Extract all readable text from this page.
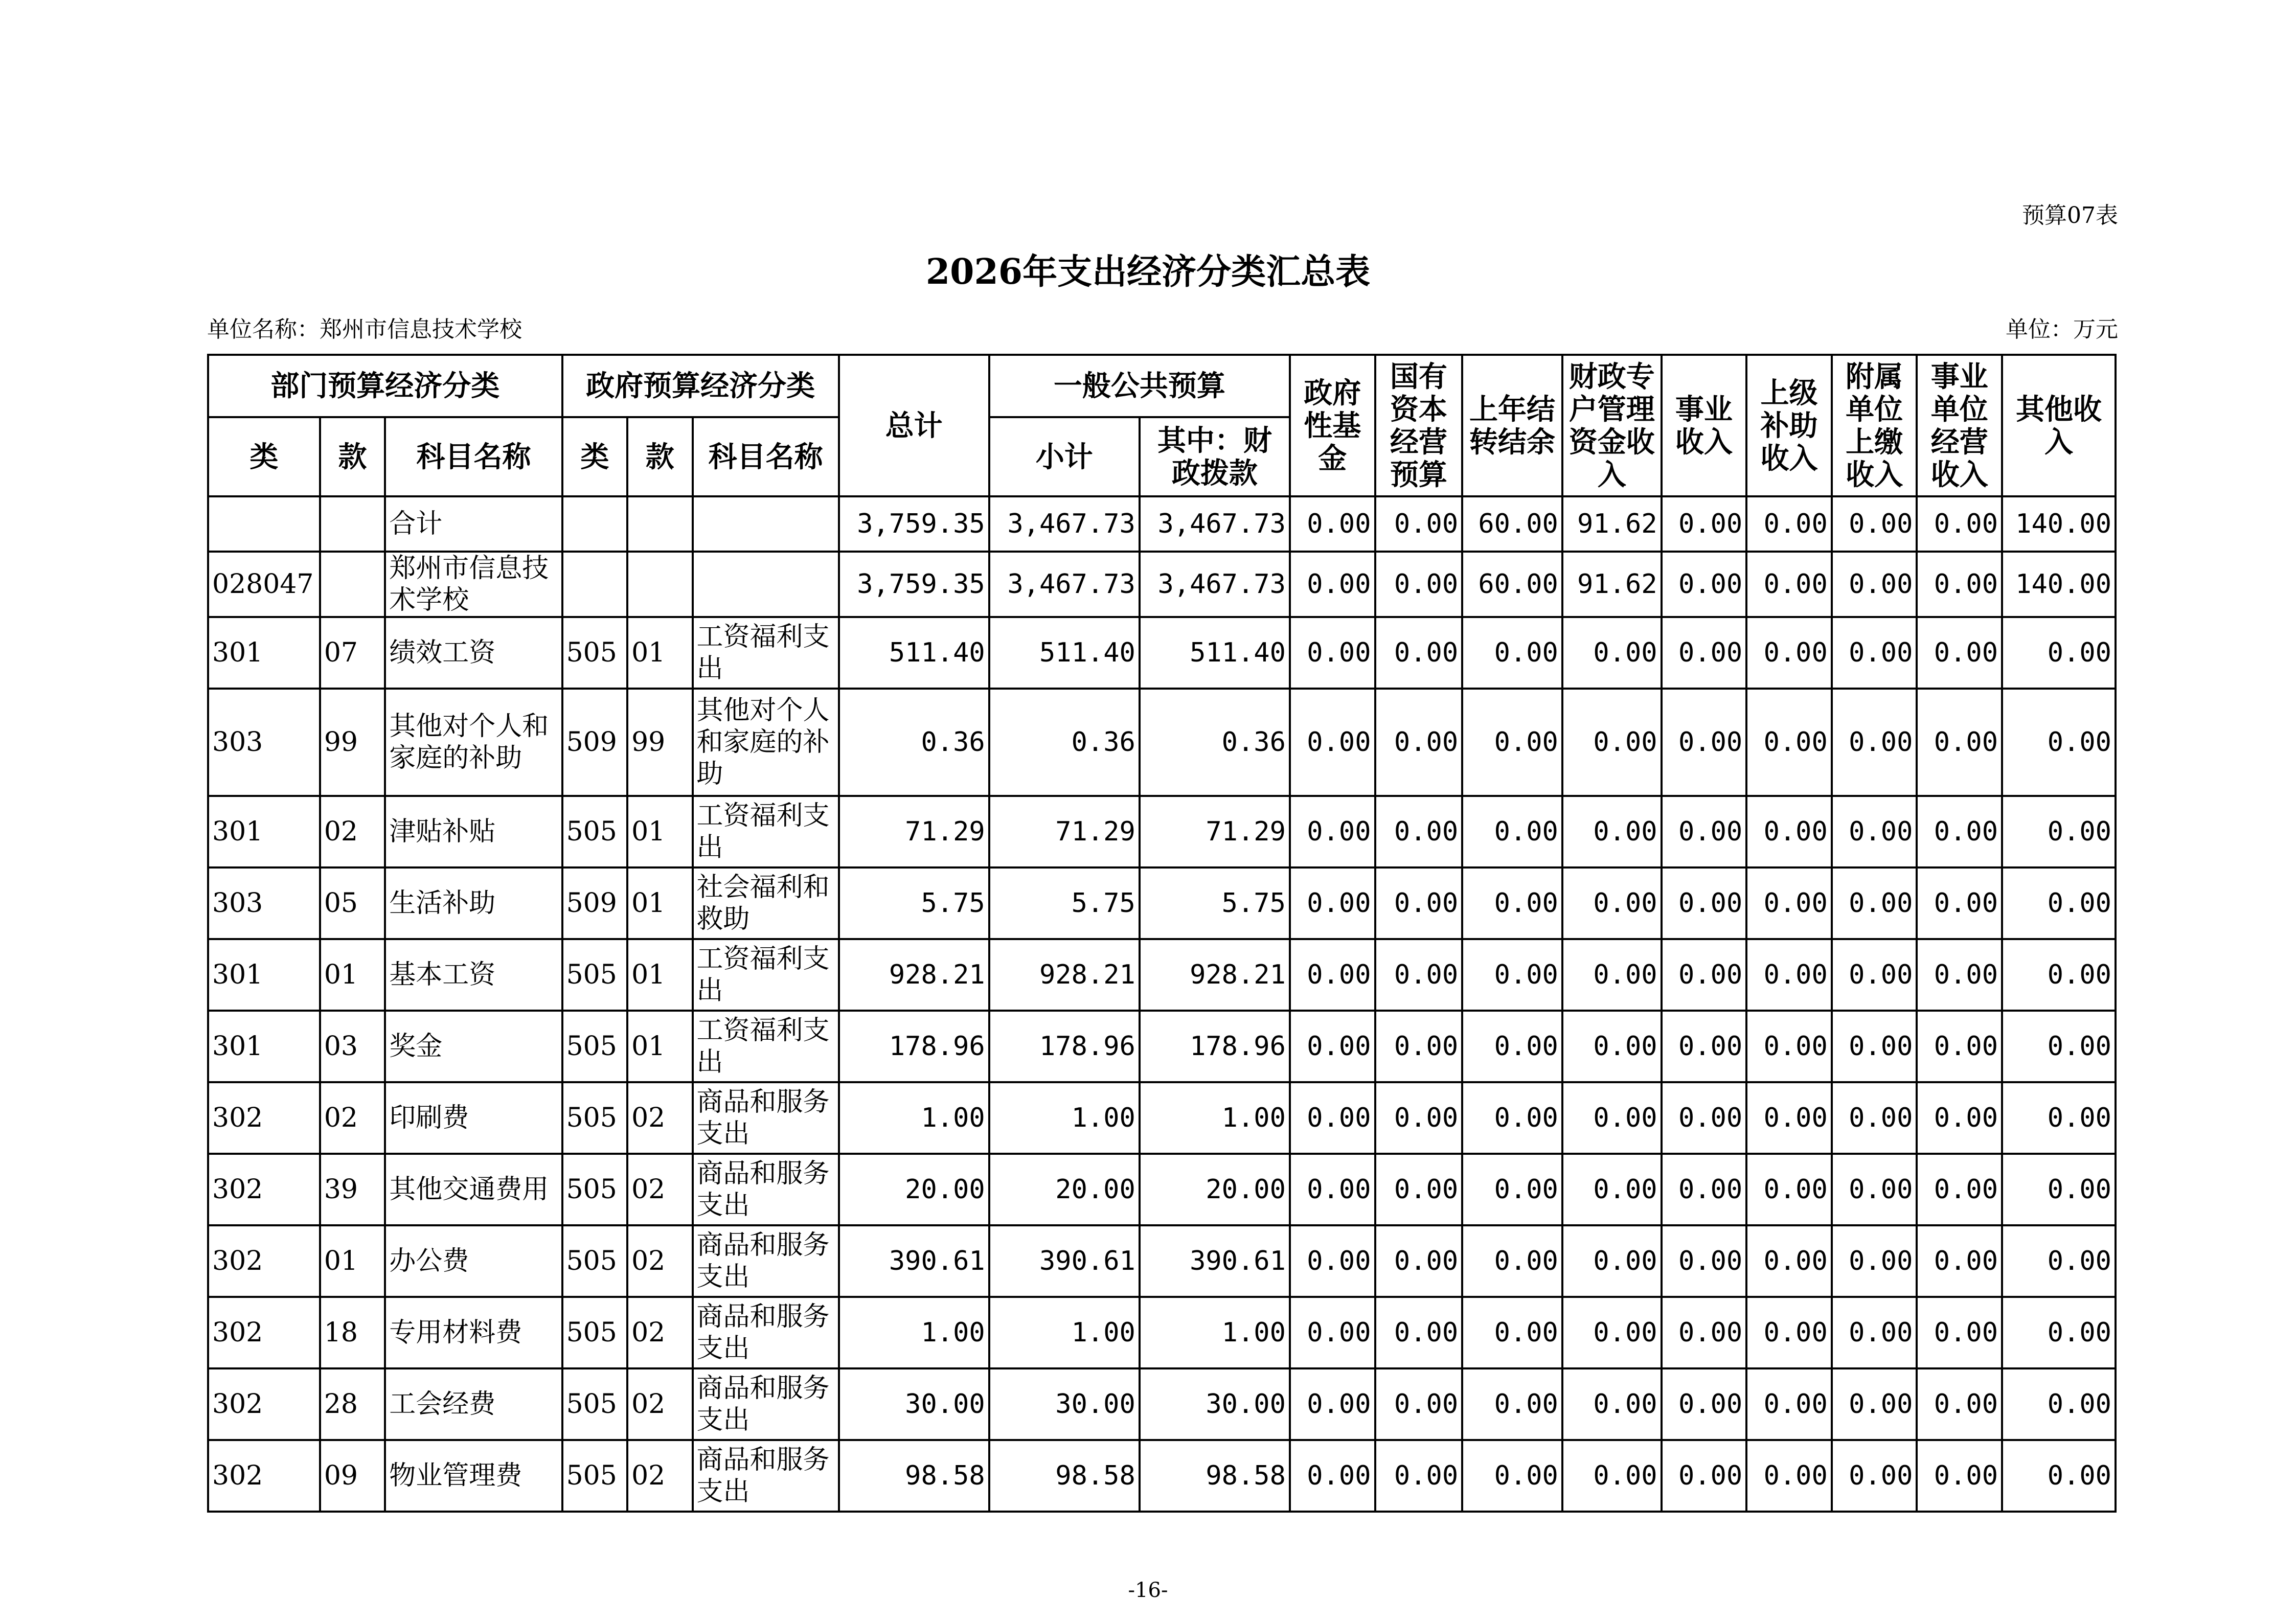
预算07表
2026年支出经济分类汇总表
单位名称：郑州市信息技术学校	单位：万元
部门预算经济分类			政府预算经济分类			总计	一般公共预算		政府性基金	国有资本经营预算	上年结转结余	财政专户管理资金收入	事业收入	上级补助收入	附属单位上缴收入	事业单位经营收入	其他收入
类	款	科目名称	类	款	科目名称		小计	其中：财政拨款									
		合计				3,759.35	3,467.73	3,467.73	0.00	0.00	60.00	91.62	0.00	0.00	0.00	0.00	140.00
028047		郑州市信息技术学校				3,759.35	3,467.73	3,467.73	0.00	0.00	60.00	91.62	0.00	0.00	0.00	0.00	140.00
301	07	绩效工资	505	01	工资福利支出	511.40	511.40	511.40	0.00	0.00	0.00	0.00	0.00	0.00	0.00	0.00	0.00
303	99	其他对个人和家庭的补助	509	99	其他对个人和家庭的补助	0.36	0.36	0.36	0.00	0.00	0.00	0.00	0.00	0.00	0.00	0.00	0.00
301	02	津贴补贴	505	01	工资福利支出	71.29	71.29	71.29	0.00	0.00	0.00	0.00	0.00	0.00	0.00	0.00	0.00
303	05	生活补助	509	01	社会福利和救助	5.75	5.75	5.75	0.00	0.00	0.00	0.00	0.00	0.00	0.00	0.00	0.00
301	01	基本工资	505	01	工资福利支出	928.21	928.21	928.21	0.00	0.00	0.00	0.00	0.00	0.00	0.00	0.00	0.00
301	03	奖金	505	01	工资福利支出	178.96	178.96	178.96	0.00	0.00	0.00	0.00	0.00	0.00	0.00	0.00	0.00
302	02	印刷费	505	02	商品和服务支出	1.00	1.00	1.00	0.00	0.00	0.00	0.00	0.00	0.00	0.00	0.00	0.00
302	39	其他交通费用	505	02	商品和服务支出	20.00	20.00	20.00	0.00	0.00	0.00	0.00	0.00	0.00	0.00	0.00	0.00
302	01	办公费	505	02	商品和服务支出	390.61	390.61	390.61	0.00	0.00	0.00	0.00	0.00	0.00	0.00	0.00	0.00
302	18	专用材料费	505	02	商品和服务支出	1.00	1.00	1.00	0.00	0.00	0.00	0.00	0.00	0.00	0.00	0.00	0.00
302	28	工会经费	505	02	商品和服务支出	30.00	30.00	30.00	0.00	0.00	0.00	0.00	0.00	0.00	0.00	0.00	0.00
302	09	物业管理费	505	02	商品和服务支出	98.58	98.58	98.58	0.00	0.00	0.00	0.00	0.00	0.00	0.00	0.00	0.00
-16-
